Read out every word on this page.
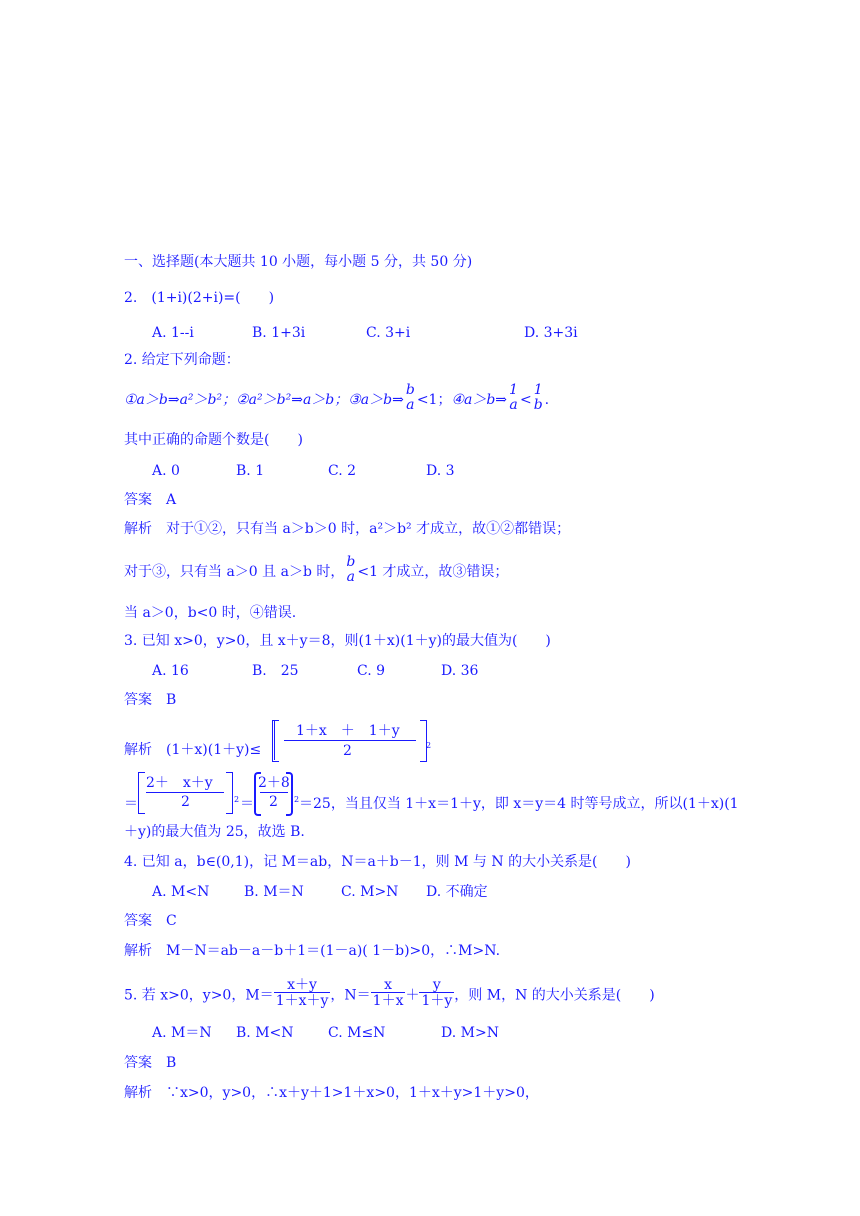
一、选择题(本大题共 10 小题，每小题 5 分，共 50 分)
2.　(1+i)(2+i)=(　　)
A. 1--i	B. 1+3i	C. 3+i	D. 3+3i
2. 给定下列命题：
①a＞b⇒a²＞b²；②a²＞b²⇒a＞b；③a＞b⇒
b
a <1；④a＞b⇒
1
a <
1
b .
其中正确的命题个数是(　　)
A. 0	B. 1	C. 2	D. 3
答案　A
解析　对于①②，只有当 a＞b＞0 时，a²＞b² 才成立，故①②都错误；
对于③，只有当 a＞0 且 a＞b 时，
b
a <1 才成立，故③错误；
当 a＞0，b<0 时，④错误.
3. 已知 x>0，y>0，且 x＋y＝8，则(1＋x)(1＋y)的最大值为(　　)
A. 16	B.　25	C. 9	D. 36
答案　B
解析　(1＋x)(1＋y)≤
1＋x　＋　1＋y
2	2
＝
2＋　x＋y
2	2 ＝
2＋8
2 2 ＝25，当且仅当 1＋x＝1＋y，即 x＝y＝4 时等号成立，所以(1＋x)(1
＋y)的最大值为 25，故选 B.
4. 已知 a，b∈(0,1)，记 M＝ab，N＝a＋b－1，则 M 与 N 的大小关系是(　　)
A. M<N B. M＝N	C. M>N D. 不确定
答案　C
解析　M－N＝ab－a－b＋1＝(1－a)( 1－b)>0，∴M>N.
5. 若 x>0，y>0，$M= \frac{x+y}{1+x+y}$ ，$N= \frac{x}{1+x} + \frac{y}{1+y}$ ，则 M，N 的大小关系是(　　)
A. M＝N B. M<N C. M≤N	D. M>N
答案　B
解析　∵x>0，y>0，∴x＋y＋1>1＋x>0，1＋x＋y>1＋y>0，
